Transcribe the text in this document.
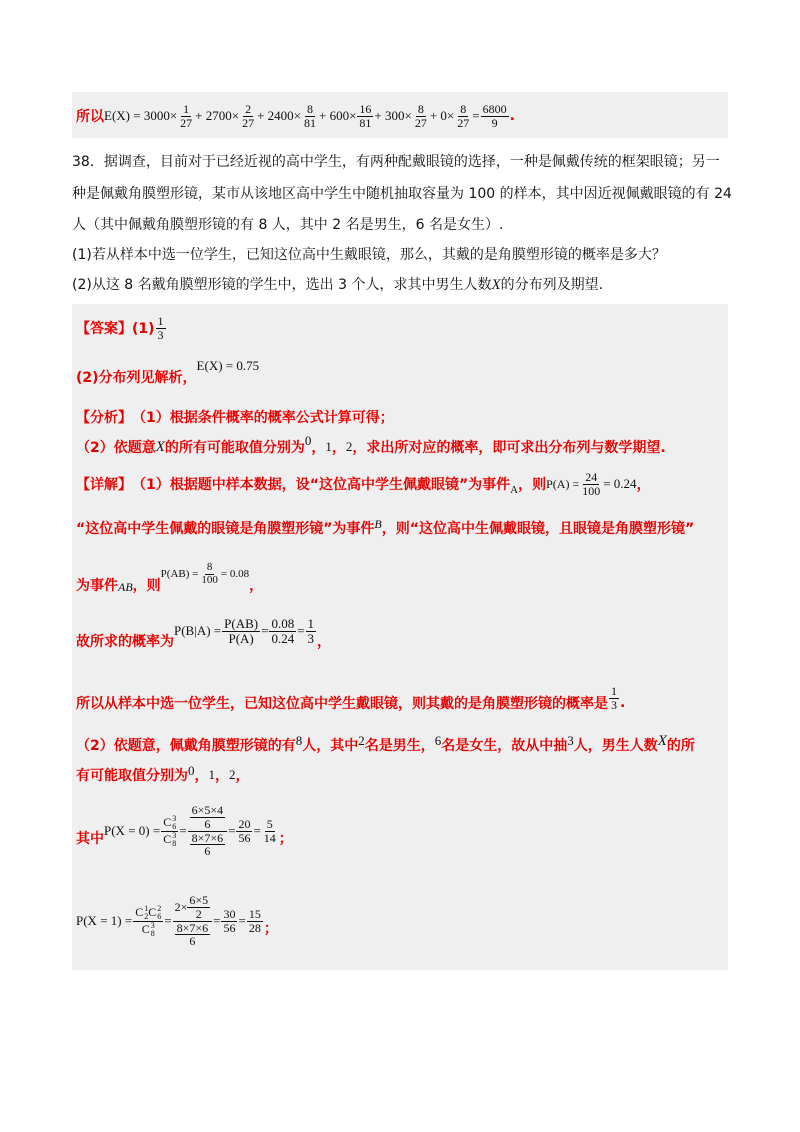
所以 $E(X) = 3000\times \frac{1}{27} + 2700\times \frac{2}{27} + 2400\times \frac{8}{81} + 600\times \frac{16}{81} + 300\times \frac{8}{27} + 0\times \frac{8}{27} = \frac{6800}{9}$ .
38．据调查，目前对于已经近视的高中学生，有两种配戴眼镜的选择，一种是佩戴传统的框架眼镜；另一
种是佩戴角膜塑形镜，某市从该地区高中学生中随机抽取容量为 100 的样本，其中因近视佩戴眼镜的有 24
人（其中佩戴角膜塑形镜的有 8 人，其中 2 名是男生，6 名是女生）.
(1)若从样本中选一位学生，已知这位高中生戴眼镜，那么，其戴的是角膜塑形镜的概率是多大？
(2)从这 8 名戴角膜塑形镜的学生中，选出 3 个人，求其中男生人数X的分布列及期望.
【答案】$(1) \frac{1}{3}$
(2)分布列见解析，
E(X) = 0.75
【分析】 （1）根据条件概率的概率公式计算可得；
（2）依题意 X 的所有可能取值分别为 0 ， 1 ， 2 ，求出所对应的概率，即可求出分布列与数学期望.
【详解】 （1）根据题中样本数据，设“这位高中学生佩戴眼镜”为事件 A ，则 $P(A) = \frac{24}{100} = 0.24$ ，
“这位高中学生佩戴的眼镜是角膜塑形镜”为事件 B ，则“这位高中生佩戴眼镜，且眼镜是角膜塑形镜”
为事件 AB ，则
$P(AB) = \frac{8}{100} = 0.08$
，
故所求的概率为
$P(B|A) = \frac{P(AB)}{P(A)} = \frac{0.08}{0.24} = \frac{1}{3}$ ，
所以从样本中选一位学生，已知这位高中学生戴眼镜，则其戴的是角膜塑形镜的概率是 $\frac{1}{3}$ .
（2）依题意，佩戴角膜塑形镜的有 8 人，其中 2 名是男生， 6 名是女生，故从中抽 3 人，男生人数 X 的所
有可能取值分别为 0 ， 1 ， 2 ，
其中
P(X = 0) = C 3
6
C 3
$8 = \frac{\frac{6\times 5\times 4}{6}}{\frac{8\times 7\times 6}{6}} = \frac{20}{56} = \frac{5}{14}$ ；
P(X = 1) = C 1
2 C 2
6
C 3
$8 = \frac{2\times \frac{6\times 5}{2}}{\frac{8\times 7\times 6}{6}} = \frac{30}{56} = \frac{15}{28}$ ；
